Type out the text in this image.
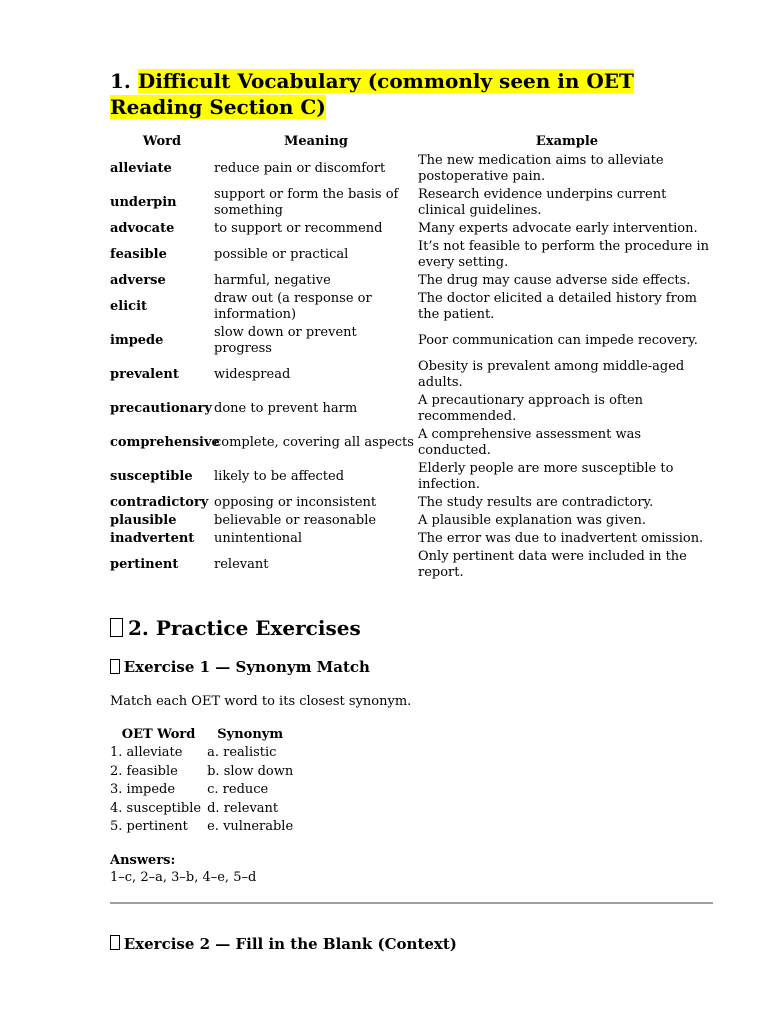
1. Difficult Vocabulary (commonly seen in OET Reading Section C)
Word	Meaning	Example
alleviate	reduce pain or discomfort	The new medication aims to alleviate postoperative pain.
underpin	support or form the basis of something	Research evidence underpins current clinical guidelines.
advocate	to support or recommend	Many experts advocate early intervention.
feasible	possible or practical	It’s not feasible to perform the procedure in every setting.
adverse	harmful, negative	The drug may cause adverse side effects.
elicit	draw out (a response or information)	The doctor elicited a detailed history from the patient.
impede	slow down or prevent progress	Poor communication can impede recovery.
prevalent	widespread	Obesity is prevalent among middle-aged adults.
precautionary	done to prevent harm	A precautionary approach is often recommended.
comprehensive	complete, covering all aspects	A comprehensive assessment was conducted.
susceptible	likely to be affected	Elderly people are more susceptible to infection.
contradictory	opposing or inconsistent	The study results are contradictory.
plausible	believable or reasonable	A plausible explanation was given.
inadvertent	unintentional	The error was due to inadvertent omission.
pertinent	relevant	Only pertinent data were included in the report.
2. Practice Exercises
Exercise 1 — Synonym Match

Match each OET word to its closest synonym.

OET Word	Synonym
1. alleviate	a. realistic
2. feasible	b. slow down
3. impede	c. reduce
4. susceptible	d. relevant
5. pertinent	e. vulnerable
Answers:
1–c, 2–a, 3–b, 4–e, 5–d
Exercise 2 — Fill in the Blank (Context)
